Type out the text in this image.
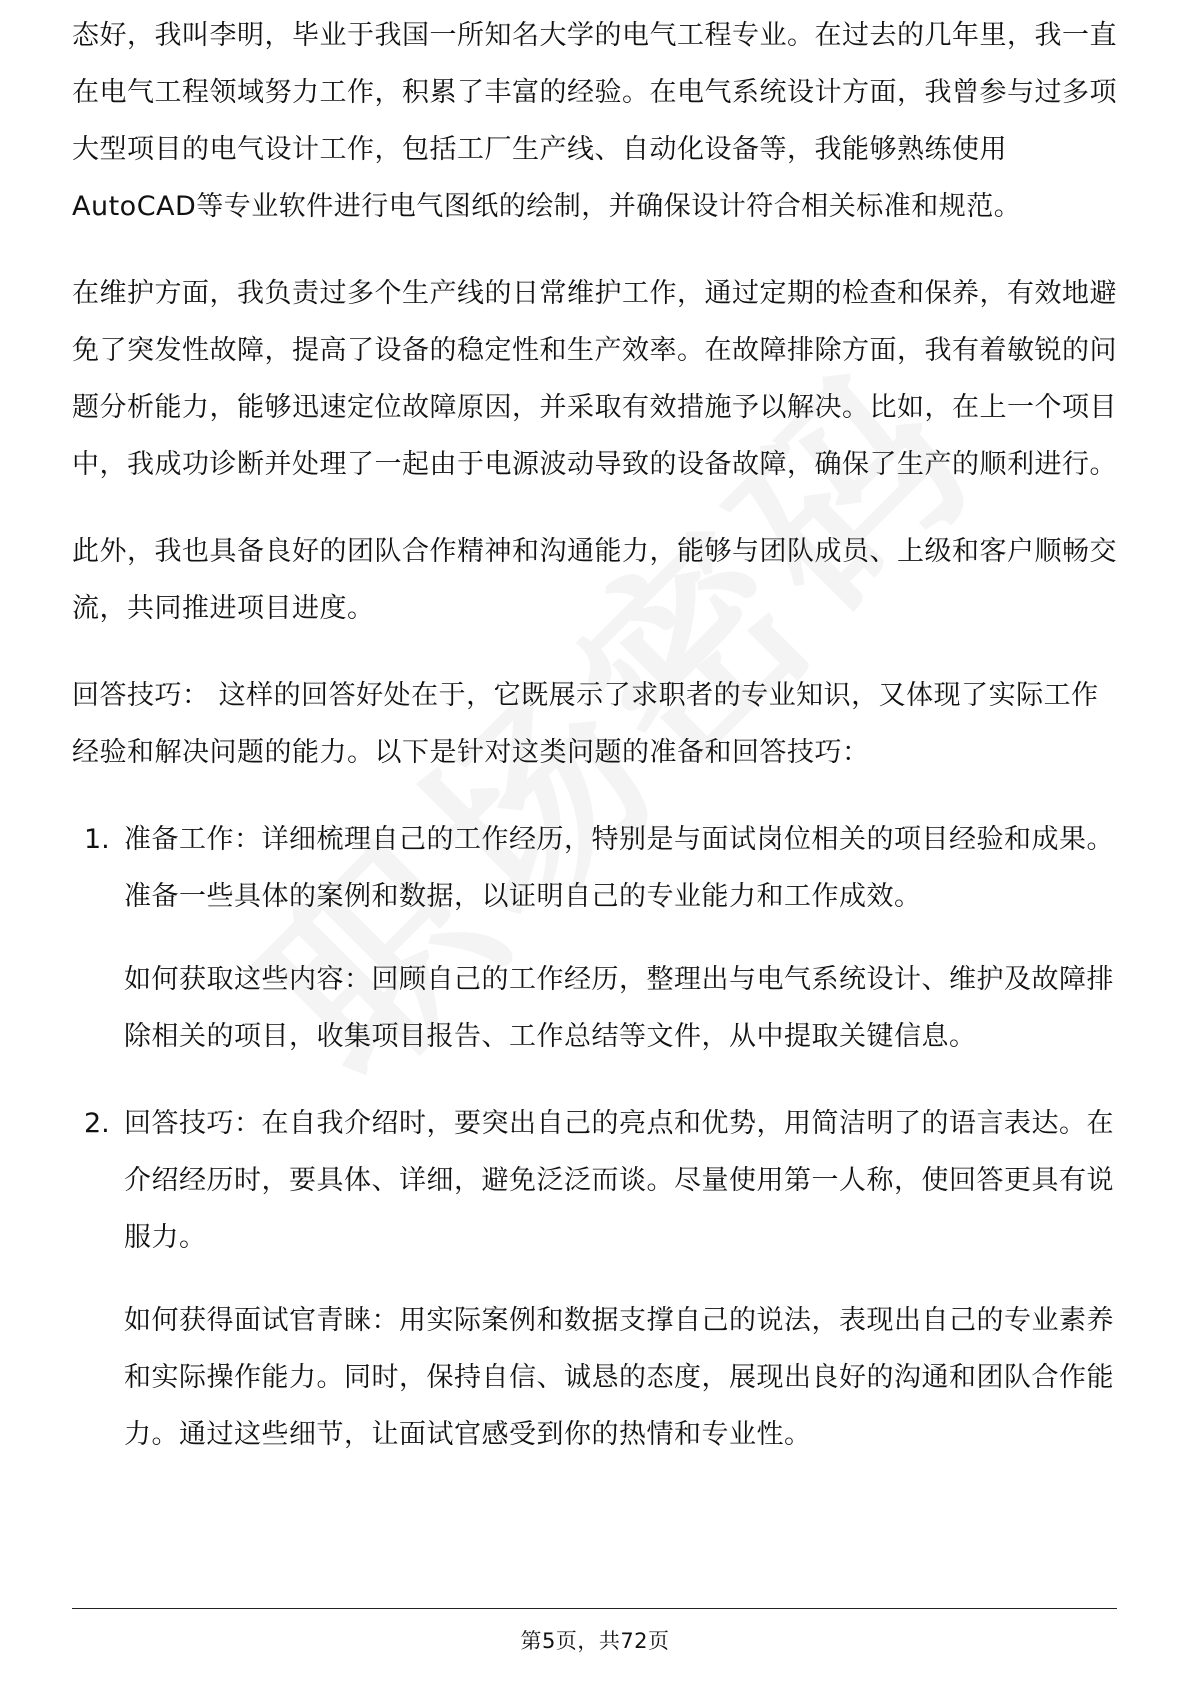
态好，我叫李明，毕业于我国一所知名大学的电气工程专业。在过去的几年里，我一直在电气工程领域努力工作，积累了丰富的经验。在电气系统设计方面，我曾参与过多项大型项目的电气设计工作，包括工厂生产线、自动化设备等，我能够熟练使用AutoCAD等专业软件进行电气图纸的绘制，并确保设计符合相关标准和规范。

在维护方面，我负责过多个生产线的日常维护工作，通过定期的检查和保养，有效地避免了突发性故障，提高了设备的稳定性和生产效率。在故障排除方面，我有着敏锐的问题分析能力，能够迅速定位故障原因，并采取有效措施予以解决。比如，在上一个项目中，我成功诊断并处理了一起由于电源波动导致的设备故障，确保了生产的顺利进行。

此外，我也具备良好的团队合作精神和沟通能力，能够与团队成员、上级和客户顺畅交流，共同推进项目进度。

回答技巧： 这样的回答好处在于，它既展示了求职者的专业知识，又体现了实际工作经验和解决问题的能力。以下是针对这类问题的准备和回答技巧：

1. 准备工作：详细梳理自己的工作经历，特别是与面试岗位相关的项目经验和成果。准备一些具体的案例和数据，以证明自己的专业能力和工作成效。

如何获取这些内容：回顾自己的工作经历，整理出与电气系统设计、维护及故障排除相关的项目，收集项目报告、工作总结等文件，从中提取关键信息。

2. 回答技巧：在自我介绍时，要突出自己的亮点和优势，用简洁明了的语言表达。在介绍经历时，要具体、详细，避免泛泛而谈。尽量使用第一人称，使回答更具有说服力。

如何获得面试官青睐：用实际案例和数据支撑自己的说法，表现出自己的专业素养和实际操作能力。同时，保持自信、诚恳的态度，展现出良好的沟通和团队合作能力。通过这些细节，让面试官感受到你的热情和专业性。

第5页，共72页
